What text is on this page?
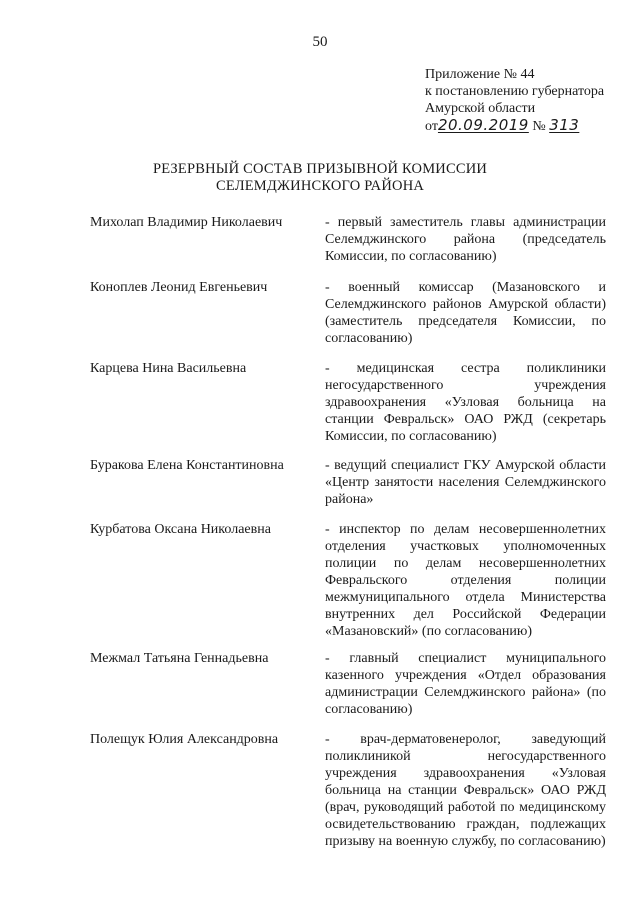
50
Приложение № 44
к постановлению губернатора
Амурской области
от20.09.2019 № 313
РЕЗЕРВНЫЙ СОСТАВ ПРИЗЫВНОЙ КОМИССИИ
СЕЛЕМДЖИНСКОГО РАЙОНА
Михолап Владимир Николаевич	- первый заместитель главы администрации Селемджинского района (председатель Комиссии, по согласованию)
Коноплев Леонид Евгеньевич	- военный комиссар (Мазановского и Селемджинского районов Амурской области) (заместитель председателя Комиссии, по согласованию)
Карцева Нина Васильевна	- медицинская сестра поликлиники негосударственного учреждения здравоохранения «Узловая больница на станции Февральск» ОАО РЖД (секретарь Комиссии, по согласованию)
Буракова Елена Константиновна	- ведущий специалист ГКУ Амурской области «Центр занятости населения Селемджинского района»
Курбатова Оксана Николаевна	- инспектор по делам несовершеннолетних отделения участковых уполномоченных полиции по делам несовершеннолетних Февральского отделения полиции межмуниципального отдела Министерства внутренних дел Российской Федерации «Мазановский» (по согласованию)
Межмал Татьяна Геннадьевна	- главный специалист муниципального казенного учреждения «Отдел образования администрации Селемджинского района» (по согласованию)
Полещук Юлия Александровна	- врач-дерматовенеролог, заведующий поликлиникой негосударственного учреждения здравоохранения «Узловая больница на станции Февральск» ОАО РЖД (врач, руководящий работой по медицинскому освидетельствованию граждан, подлежащих призыву на военную службу, по согласованию)
